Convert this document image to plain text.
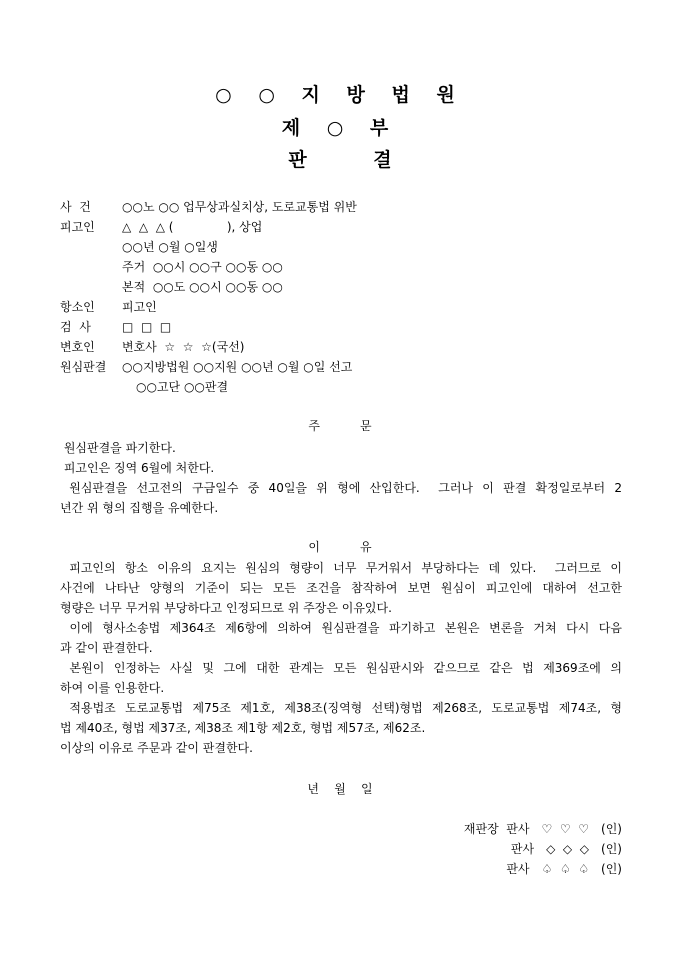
○ ○ 지 방 법 원
제 ○ 부
판 결
사  건	○○노 ○○ 업무상과실치상, 도로교통법 위반
피고인 △  △  △ (              ), 상업
○○년 ○월 ○일생
주거  ○○시 ○○구 ○○동 ○○
본적  ○○도 ○○시 ○○동 ○○
항소인 피고인
검  사	□  □  □
변호인 변호사  ☆  ☆  ☆(국선)
원심판결 ○○지방법원 ○○지원 ○○년 ○월 ○일 선고
○○고단 ○○판결
주문
원심판결을 파기한다.
피고인은 징역 6월에 처한다.
원심판결을 선고전의 구금일수 중 40일을 위 형에 산입한다.  그러나 이 판결 확정일로부터 2
년간 위 형의 집행을 유예한다.
이유
피고인의 항소 이유의 요지는 원심의 형량이 너무 무거워서 부당하다는 데 있다.  그러므로 이
사건에 나타난 양형의 기준이 되는 모든 조건을 참작하여 보면 원심이 피고인에 대하여 선고한
형량은 너무 무거워 부당하다고 인정되므로 위 주장은 이유있다.
이에 형사소송법 제364조 제6항에 의하여 원심판결을 파기하고 본원은 변론을 거쳐 다시 다음
과 같이 판결한다.
본원이 인정하는 사실 및 그에 대한 관계는 모든 원심판시와 같으므로 같은 법 제369조에 의
하여 이를 인용한다.
적용법조 도로교통법 제75조 제1호, 제38조(징역형 선택)형법 제268조, 도로교통법 제74조, 형
법 제40조, 형법 제37조, 제38조 제1항 제2호, 형법 제57조, 제62조.
이상의 이유로 주문과 같이 판결한다.
년    월    일
재판장  판사 ♡  ♡  ♡ (인)
판사 ◇  ◇  ◇ (인)
판사 ♤  ♤  ♤ (인)
